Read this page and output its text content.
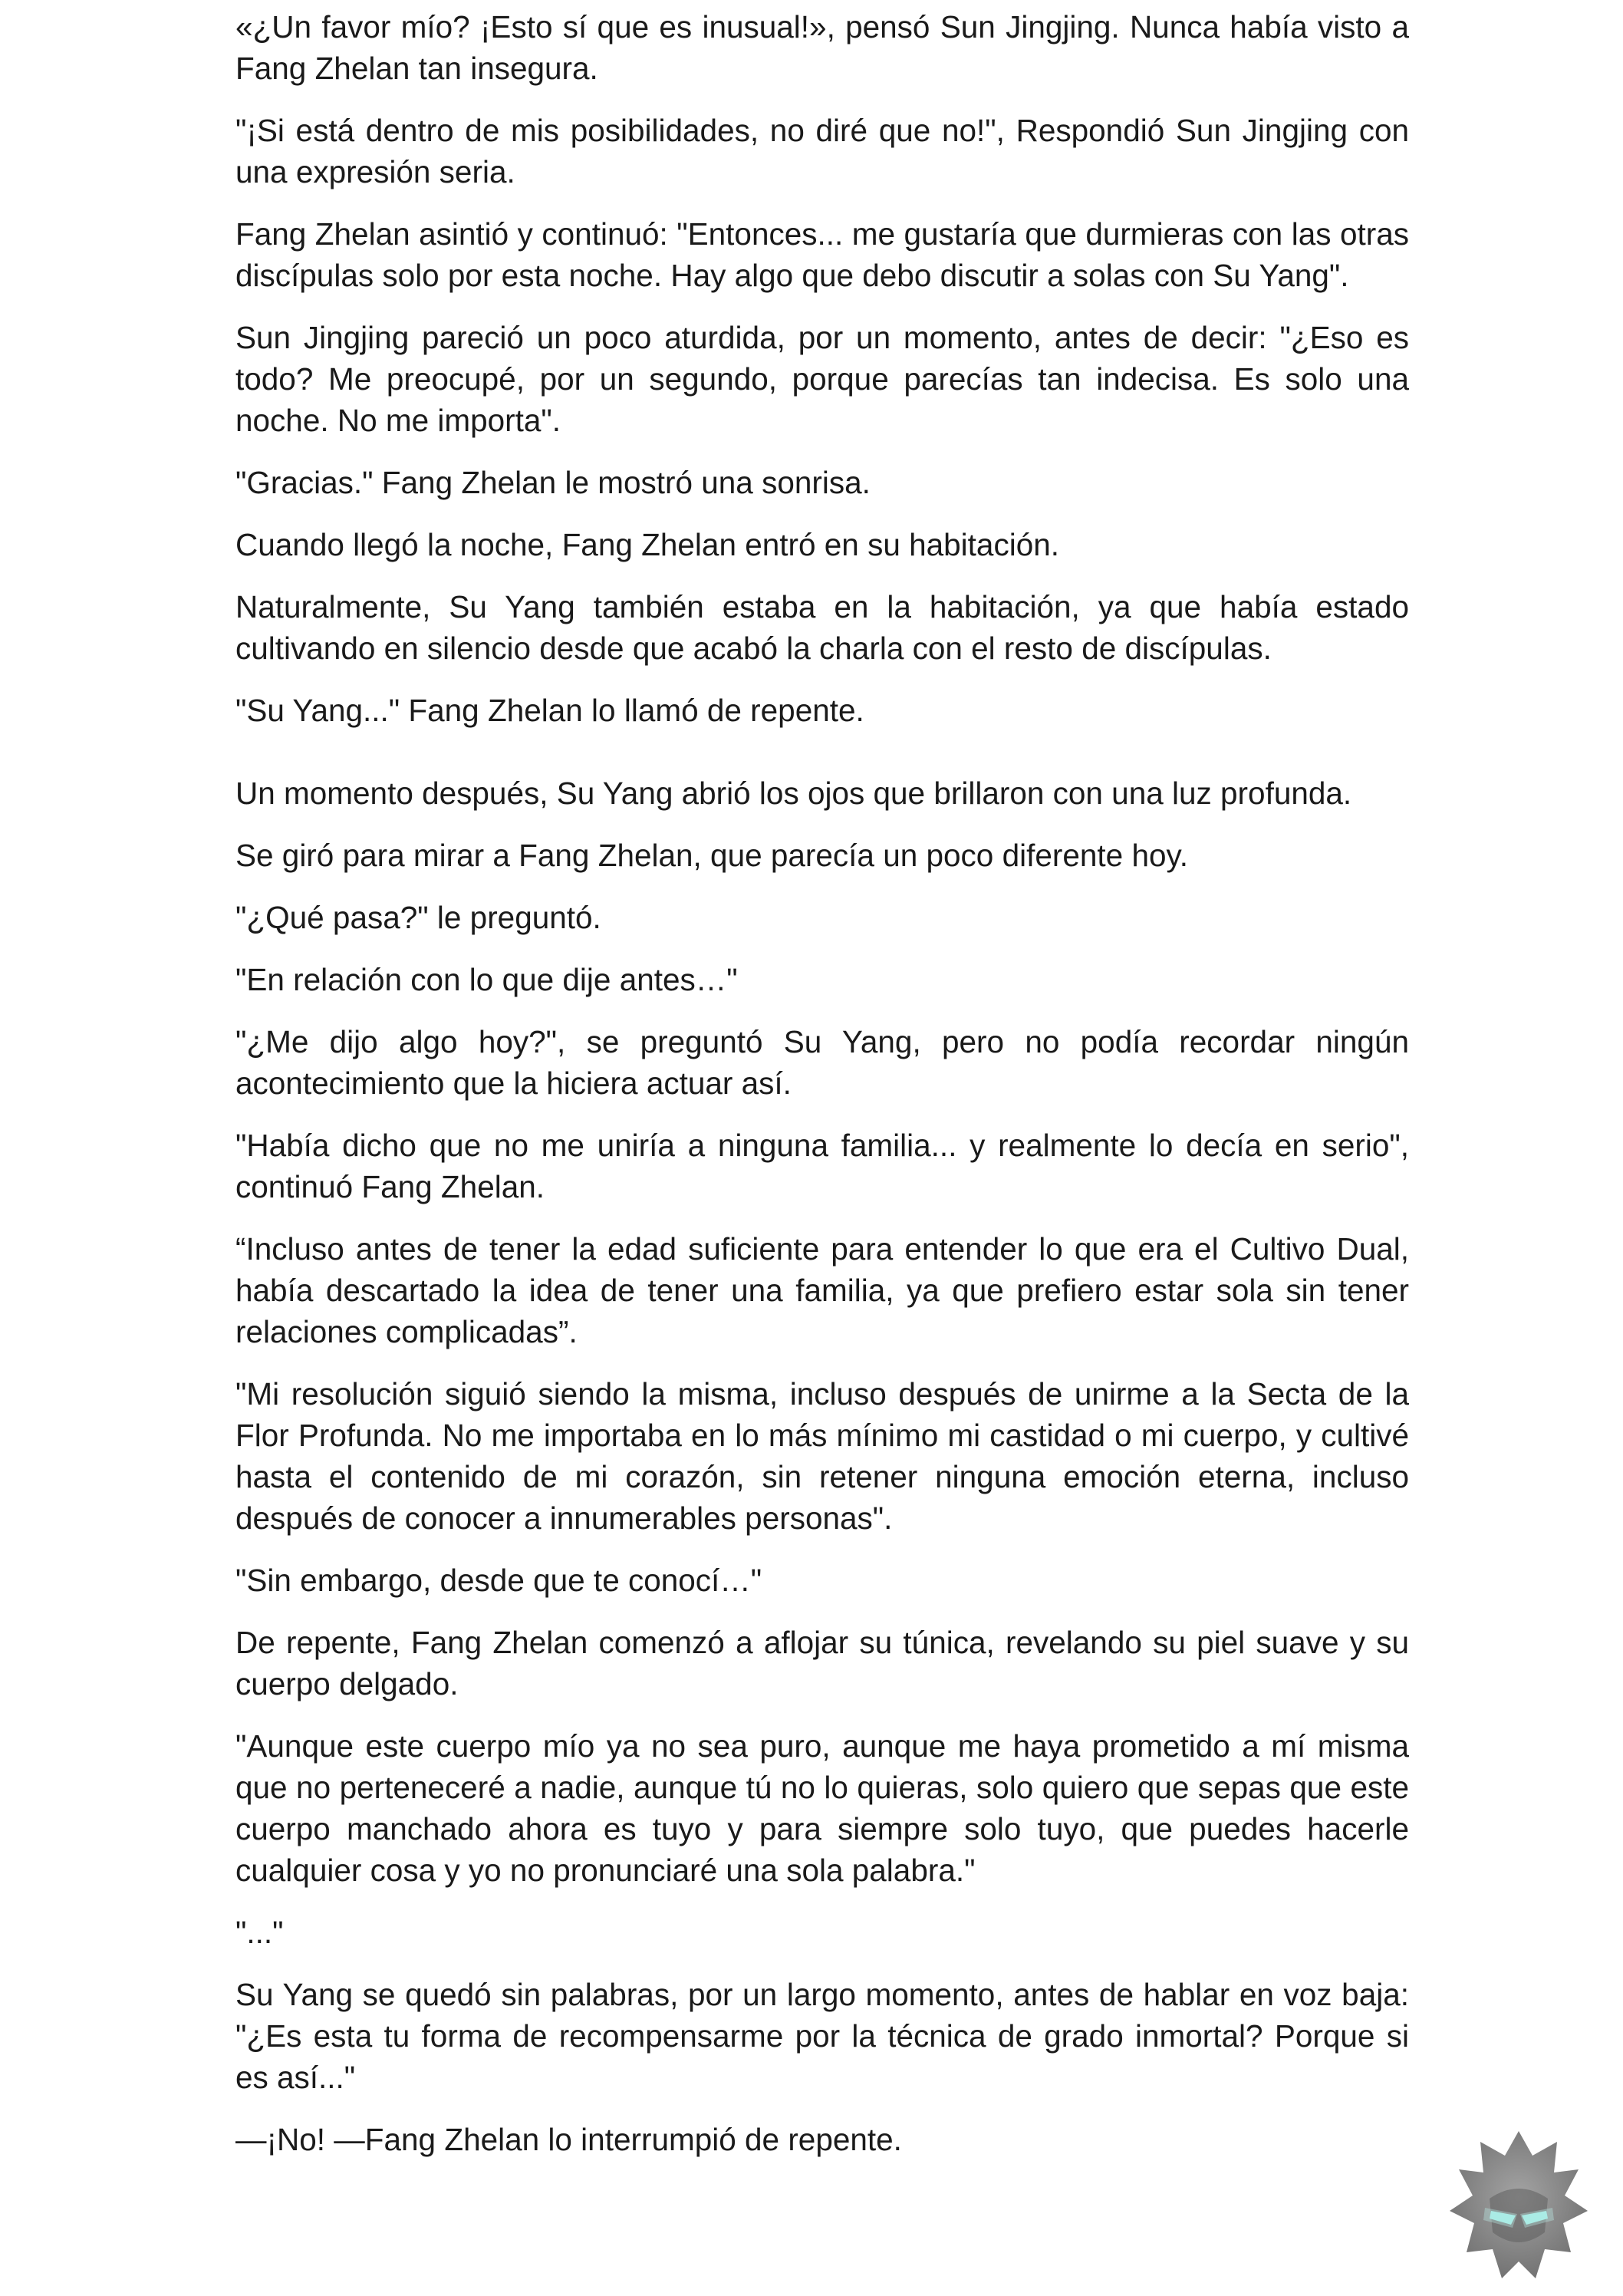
«¿Un favor mío? ¡Esto sí que es inusual!», pensó Sun Jingjing. Nunca había visto a Fang Zhelan tan insegura.

"¡Si está dentro de mis posibilidades, no diré que no!", Respondió Sun Jingjing con una expresión seria.

Fang Zhelan asintió y continuó: "Entonces... me gustaría que durmieras con las otras discípulas solo por esta noche. Hay algo que debo discutir a solas con Su Yang".

Sun Jingjing pareció un poco aturdida, por un momento, antes de decir: "¿Eso es todo? Me preocupé, por un segundo, porque parecías tan indecisa. Es solo una noche. No me importa".

"Gracias." Fang Zhelan le mostró una sonrisa.

Cuando llegó la noche, Fang Zhelan entró en su habitación.

Naturalmente, Su Yang también estaba en la habitación, ya que había estado cultivando en silencio desde que acabó la charla con el resto de discípulas.

"Su Yang..." Fang Zhelan lo llamó de repente.

Un momento después, Su Yang abrió los ojos que brillaron con una luz profunda.

Se giró para mirar a Fang Zhelan, que parecía un poco diferente hoy.

"¿Qué pasa?" le preguntó.

"En relación con lo que dije antes…"

"¿Me dijo algo hoy?", se preguntó Su Yang, pero no podía recordar ningún acontecimiento que la hiciera actuar así.

"Había dicho que no me uniría a ninguna familia... y realmente lo decía en serio", continuó Fang Zhelan.

“Incluso antes de tener la edad suficiente para entender lo que era el Cultivo Dual, había descartado la idea de tener una familia, ya que prefiero estar sola sin tener relaciones complicadas”.

"Mi resolución siguió siendo la misma, incluso después de unirme a la Secta de la Flor Profunda. No me importaba en lo más mínimo mi castidad o mi cuerpo, y cultivé hasta el contenido de mi corazón, sin retener ninguna emoción eterna, incluso después de conocer a innumerables personas".

"Sin embargo, desde que te conocí…"

De repente, Fang Zhelan comenzó a aflojar su túnica, revelando su piel suave y su cuerpo delgado.

"Aunque este cuerpo mío ya no sea puro, aunque me haya prometido a mí misma que no perteneceré a nadie, aunque tú no lo quieras, solo quiero que sepas que este cuerpo manchado ahora es tuyo y para siempre solo tuyo, que puedes hacerle cualquier cosa y yo no pronunciaré una sola palabra."

"..."

Su Yang se quedó sin palabras, por un largo momento, antes de hablar en voz baja: "¿Es esta tu forma de recompensarme por la técnica de grado inmortal? Porque si es así..."

—¡No! —Fang Zhelan lo interrumpió de repente.
